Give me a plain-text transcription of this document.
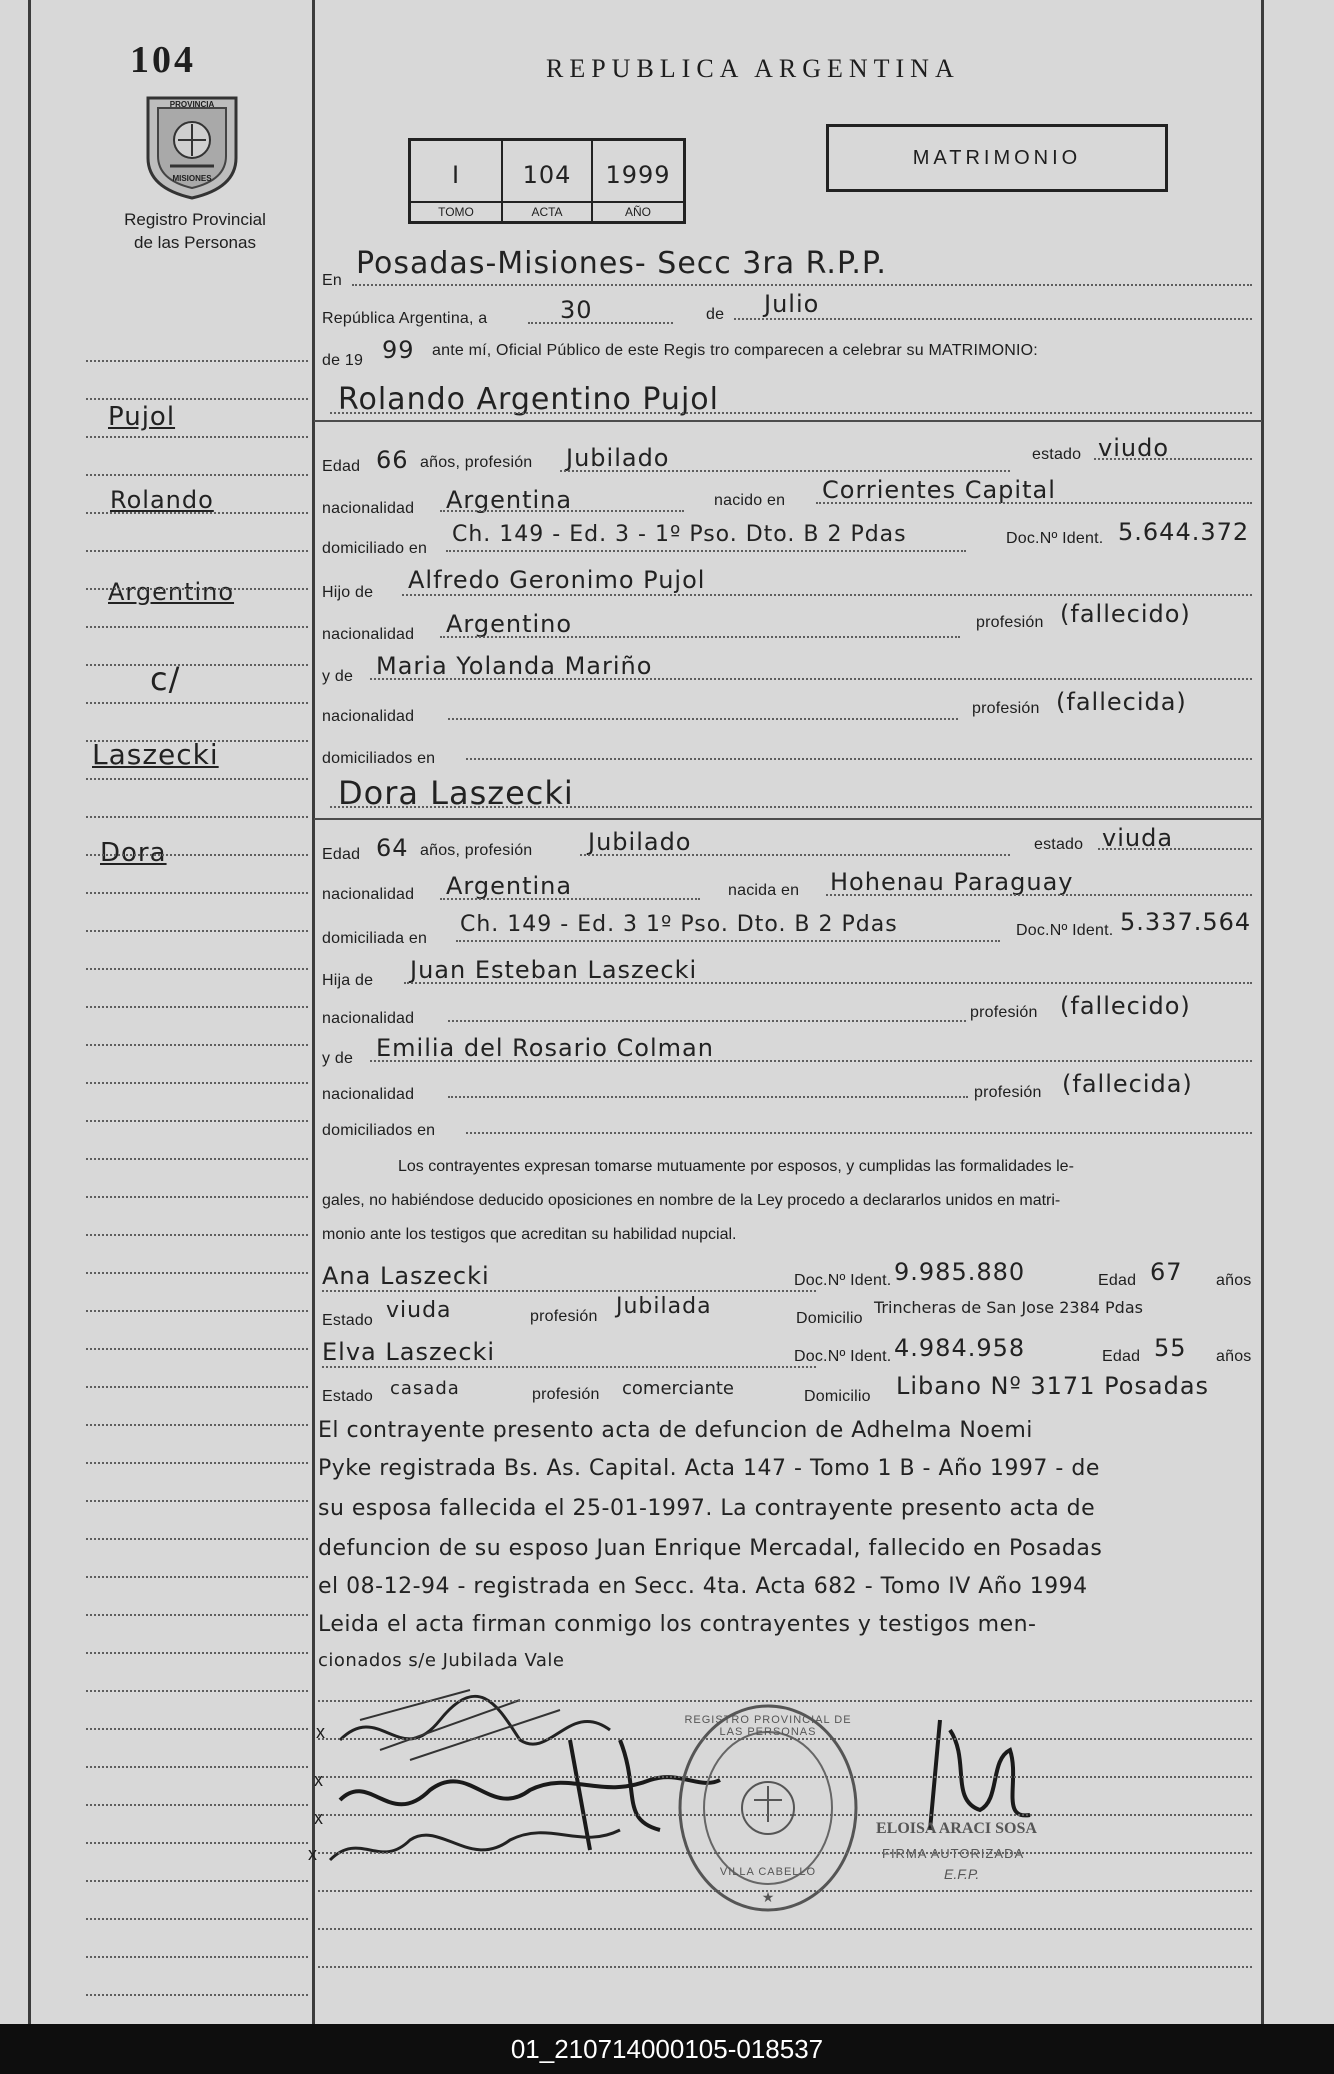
104
PROVINCIA
MISIONES
Registro Provincial
de las Personas
REPUBLICA ARGENTINA
I	104	1999
TOMO	ACTA	AÑO
MATRIMONIO
Pujol
Rolando
Argentino
c/
Laszecki
Dora
En Posadas-Misiones- Secc 3ra R.P.P.
República Argentina, a	30	de Julio
de 19 99 ante mí, Oficial Público de este Regis tro comparecen a celebrar su MATRIMONIO:
Rolando Argentino Pujol
Edad 66 años, profesión Jubilado	estado viudo
nacionalidad Argentina	nacido en Corrientes Capital
domiciliado en
Ch. 149 - Ed. 3 - 1º Pso. Dto. B 2 Pdas	Doc.Nº Ident. 5.644.372
Hijo de Alfredo Geronimo Pujol
nacionalidad Argentino	profesión (fallecido)
y de Maria Yolanda Mariño
nacionalidad	profesión (fallecida)
domiciliados en
Dora Laszecki
Edad 64 años, profesión Jubilado	estado viuda
nacionalidad Argentina	nacida en Hohenau Paraguay
domiciliada en
Ch. 149 - Ed. 3 1º Pso. Dto. B 2 Pdas	Doc.Nº Ident. 5.337.564
Hija de Juan Esteban Laszecki
nacionalidad	profesión (fallecido)
y de Emilia del Rosario Colman
nacionalidad	profesión (fallecida)
domiciliados en
Los contrayentes expresan tomarse mutuamente por esposos, y cumplidas las formalidades le-
gales, no habiéndose deducido oposiciones en nombre de la Ley procedo a declararlos unidos en matri-
monio ante los testigos que acreditan su habilidad nupcial.
Ana Laszecki	Doc.Nº Ident. 9.985.880	Edad 67 años
Estado viuda	profesión Jubilada	Domicilio
Trincheras de San Jose 2384 Pdas
Elva Laszecki	Doc.Nº Ident. 4.984.958	Edad 55 años
Estado casada	profesión comerciante	Domicilio Libano Nº 3171 Posadas
El contrayente presento acta de defuncion de Adhelma Noemi
Pyke registrada Bs. As. Capital. Acta 147 - Tomo 1 B - Año 1997 - de
su esposa fallecida el 25-01-1997. La contrayente presento acta de
defuncion de su esposo Juan Enrique Mercadal, fallecido en Posadas
el 08-12-94 - registrada en Secc. 4ta. Acta 682 - Tomo IV Año 1994
Leida el acta firman conmigo los contrayentes y testigos men-
cionados s/e Jubilada Vale
x
x
x
x
★
REGISTRO PROVINCIAL DE LAS PERSONAS
VILLA CABELLO
ELOISA ARACI SOSA
FIRMA AUTORIZADA
E.F.P.
01_210714000105-018537
